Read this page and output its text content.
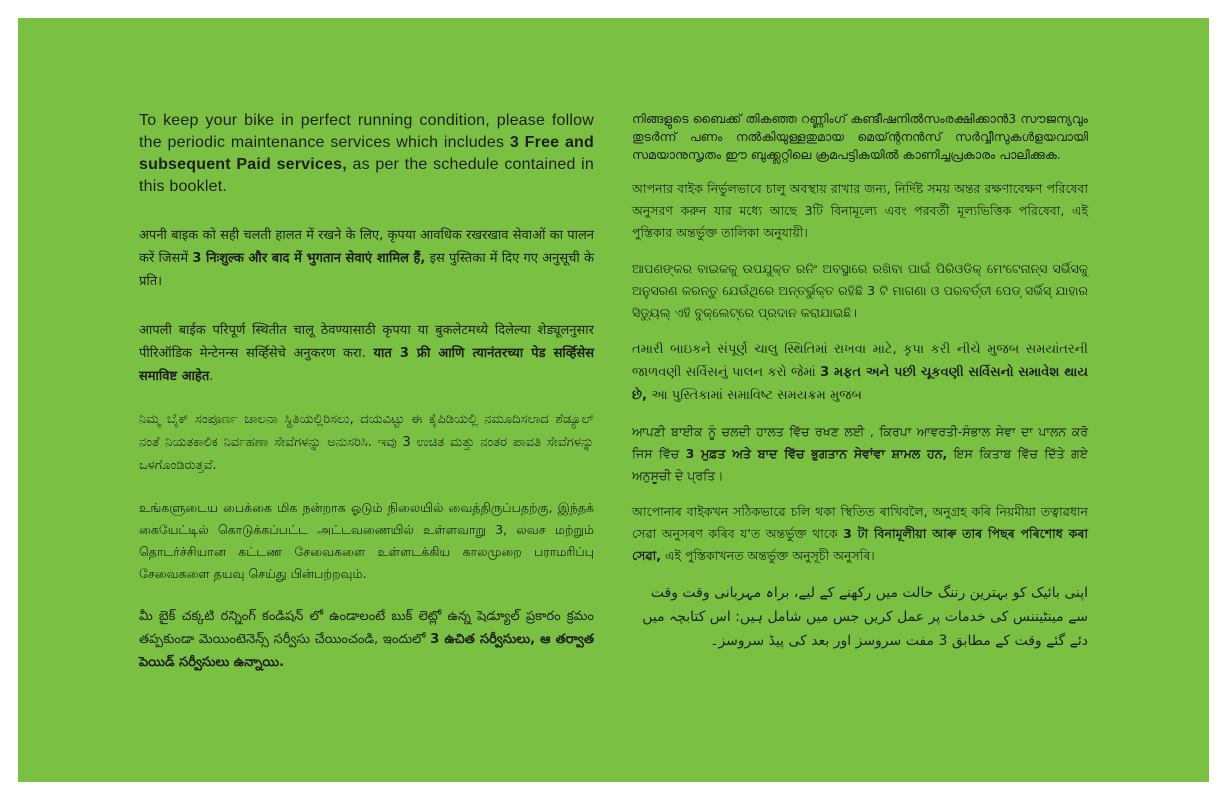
To keep your bike in perfect running condition, please follow the periodic maintenance services which includes 3 Free and subsequent Paid services, as per the schedule contained in this booklet.

अपनी बाइक को सही चलती हालत में रखने के लिए, कृपया आवधिक रखरखाव सेवाओं का पालन करें जिसमें 3 निःशुल्क और बाद में भुगतान सेवाएं शामिल हैं, इस पुस्तिका में दिए गए अनुसूची के प्रति।

आपली बाईक परिपूर्ण स्थितीत चालू ठेवण्यासाठी कृपया या बुकलेटमध्ये दिलेल्या शेड्यूलनुसार पीरिऑडिक मेन्टेनन्स सर्व्हिसेचे अनुकरण करा. यात 3 फ्री आणि त्यानंतरच्या पेड सर्व्हिसेस समाविष्ट आहेत.

ನಿಮ್ಮ ಬೈಕ್ ಸಂಪೂರ್ಣ ಚಾಲನಾ ಸ್ಥಿತಿಯಲ್ಲಿರಿಸಲು, ದಯವಿಟ್ಟು ಈ ಕೈಪಿಡಿಯಲ್ಲಿ ನಮೂದಿಸಲಾದ ಶೆಡ್ಯೂಲ್ ನಂತೆ ನಿಯತಕಾಲಿಕ ನಿರ್ವಹಣಾ ಸೇವೆಗಳನ್ನು ಅನುಸರಿಸಿ. ಇವು 3 ಉಚಿತ ಮತ್ತು ನಂತರ ಪಾವತಿ ಸೇವೆಗಳನ್ನು ಒಳಗೊಂಡಿರುತ್ತವೆ.

உங்களுடைய பைக்கை மிக நன்றாக ஓடும் நிலையில் வைத்திருப்பதற்கு, இந்தக் கையேட்டில் கொடுக்கப்பட்ட அட்டவணையில் உள்ளவாறு 3, லவச மற்றும் தொடர்ச்சியான கட்டண சேவைகளை உள்ளடக்கிய காலமுறை பராமரிப்பு சேவைகளை தயவு செய்து பின்பற்றவும்.

మీ బైక్ చక్కటి రన్నింగ్ కండిషన్ లో ఉండాలంటే బుక్ లెట్లో ఉన్న షెడ్యూల్ ప్రకారం క్రమం తప్పకుండా మెయింటెనెన్స్ సర్వీసు చేయించండి, ఇందులో 3 ఉచిత సర్వీసులు, ఆ తర్వాత పెయిడ్ సర్వీసులు ఉన్నాయి.

നിങ്ങളുടെ ബൈക്ക് തികഞ്ഞ റണ്ണിംഗ് കണ്ടീഷനില്‍സംരക്ഷിക്കാന്‍3 സൗജന്യവും തുടര്‍ന്ന് പണം നല്‍കിയുള്ളതുമായ മെയ്ന്റനന്‍സ് സര്‍വ്വീസുകള്‍ളയവായി സമയാനുസൃതം ഈ ബുക്ക്ലറ്റിലെ ക്രമപട്ടികയില്‍ കാണിച്ചപ്രകാരം പാലിക്കുക.

আপনার বাইক নির্ভুলভাবে চালু অবস্থায় রাখার জন্য, নির্দিষ্ট সময় অন্তর রক্ষণাবেক্ষণ পরিষেবা অনুসরণ করুন যার মধ্যে আছে 3টি বিনামূল্যে এবং পরবর্তী মূল্যভিত্তিক পরিষেবা, এই পুস্তিকার অন্তর্ভুক্ত তালিকা অনুযায়ী।

ଆପଣଙ୍କର ବାଇକକୁ ଉପଯୁକ୍ତ ରନିଂ ଅବସ୍ଥାରେ ରଖିବା ପାଇଁ ପିରିଓଡିକ୍ ମେଂଟେନାନ୍ସ ସର୍ଭିସକୁ ଅନୁସରଣ କରନ୍ତୁ ଯେଉଁଥିରେ ଅନ୍ତର୍ଭୁକ୍ତ ରହିଛି 3 ଟି ମାଗଣା ଓ ପରବର୍ତ୍ତୀ ପେଡ୍ ସର୍ଭିସ୍ ଯାହାର ସିଡ୍ୟୁଲ୍ ଏହି ବୁକ୍‌ଲେଟ୍‌ରେ ପ୍ରଦାନ କରାଯାଇଛି।

તમારી બાઇકને સંપૂર્ણ ચાલુ સ્થિતિમાં રાખવા માટે, કૃપા કરી નીચે મુજબ સમયાંતરની જાળવણી સર્વિસનું પાલન કરો જેમાં 3 મફત અને પછી ચૂકવણી સર્વિસનો સમાવેશ થાય છે, આ પુસ્તિકામાં સમાવિષ્ટ સમયક્રમ મુજબ

ਆਪਣੀ ਬਾਈਕ ਨੂੰ ਚਲਦੀ ਹਾਲਤ ਵਿੱਚ ਰਖਣ ਲਈ , ਕਿਰਪਾ ਆਵਰਤੀ-ਸੰਭਾਲ ਸੇਵਾ ਦਾ ਪਾਲਨ ਕਰੋ ਜਿਸ ਵਿੱਚ 3 ਮੁਫ਼ਤ ਅਤੇ ਬਾਦ ਵਿੱਚ ਭੁਗਤਾਨ ਸੇਵਾਂਵਾ ਸ਼ਾਮਲ ਹਨ, ਇਸ ਕਿਤਾਬ ਵਿੱਚ ਦਿੱਤੇ ਗਏ ਅਨੁਸੂਚੀ ਦੇ ਪ੍ਰਤਿ।

আপোনাৰ বাইকখন সঠিকভাৱে চলি থকা স্থিতিত ৰাখিবলৈ, অনুগ্ৰহ কৰি নিয়মীয়া তত্বাৱধান সেৱা অনুসৰণ কৰিব য'ত অন্তৰ্ভুক্ত থাকে 3 টা বিনামূলীয়া আৰু তাৰ পিছৰ পৰিশোধ কৰা সেৱা, এই পুস্তিকাখনত অন্তৰ্ভুক্ত অনুসূচী অনুসৰি।

اپنی بائیک کو بہترین رننگ حالت میں رکھنے کے لیے، براہ مہربانی وقت وقت سے مینٹیننس کی خدمات پر عمل کریں جس میں شامل ہیں: اس کتابچہ میں دئے گئے وقت کے مطابق 3 مفت سروسز اور بعد کی پیڈ سروسز۔
